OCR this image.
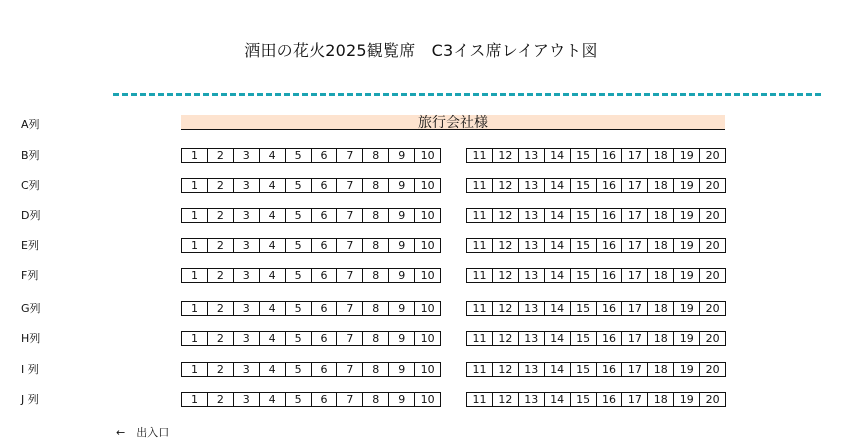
酒田の花火2025観覧席　C3イス席レイアウト図
A列	旅行会社様
B列	1	2	3	4	5	6	7	8	9	10	11	12	13	14	15	16	17	18	19	20
C列	1	2	3	4	5	6	7	8	9	10	11	12	13	14	15	16	17	18	19	20
D列	1	2	3	4	5	6	7	8	9	10	11	12	13	14	15	16	17	18	19	20
E列	1	2	3	4	5	6	7	8	9	10	11	12	13	14	15	16	17	18	19	20
F列	1	2	3	4	5	6	7	8	9	10	11	12	13	14	15	16	17	18	19	20
G列	1	2	3	4	5	6	7	8	9	10	11	12	13	14	15	16	17	18	19	20
H列	1	2	3	4	5	6	7	8	9	10	11	12	13	14	15	16	17	18	19	20
I 列	1	2	3	4	5	6	7	8	9	10	11	12	13	14	15	16	17	18	19	20
J 列	1	2	3	4	5	6	7	8	9	10	11	12	13	14	15	16	17	18	19	20
←　出入口
